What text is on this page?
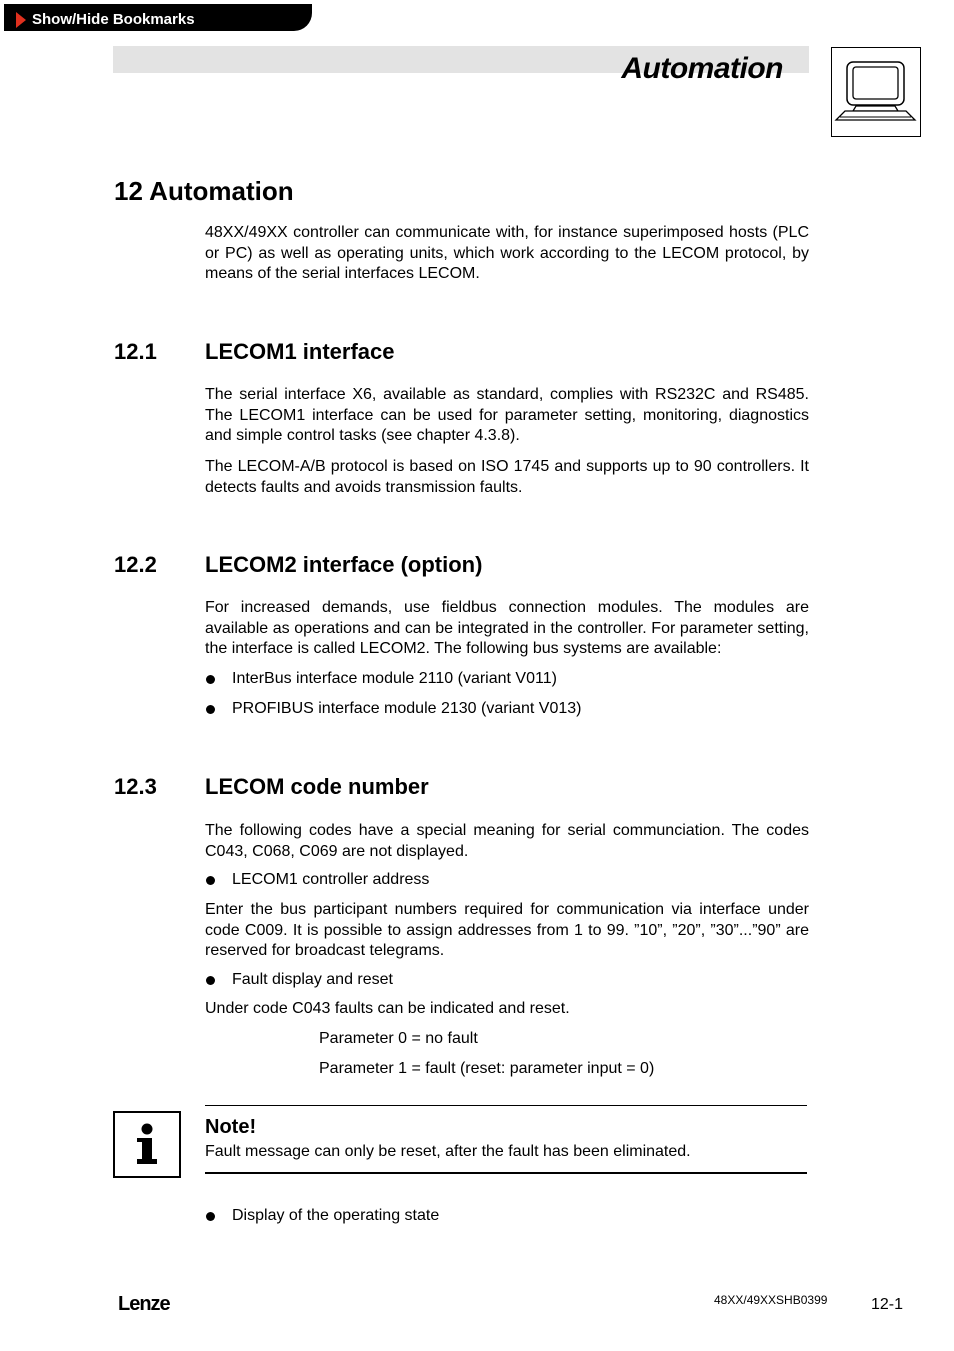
Show/Hide Bookmarks
Automation
12 Automation
48XX/49XX controller can communicate with, for instance superimposed hosts (PLC or PC) as well as operating units, which work according to the LECOM protocol, by means of the serial interfaces LECOM.
12.1 LECOM1 interface
The serial interface X6, available as standard, complies with RS232C and RS485. The LECOM1 interface can be used for parameter setting, monitoring, diagnostics and simple control tasks (see chapter 4.3.8).
The LECOM-A/B protocol is based on ISO 1745 and supports up to 90 controllers. It detects faults and avoids transmission faults.
12.2 LECOM2 interface (option)
For increased demands, use fieldbus connection modules. The modules are available as operations and can be integrated in the controller. For parameter setting, the interface is called LECOM2. The following bus systems are available:
InterBus interface module 2110 (variant V011)
PROFIBUS interface module 2130 (variant V013)
12.3 LECOM code number
The following codes have a special meaning for serial communciation. The codes C043, C068, C069 are not displayed.
LECOM1 controller address
Enter the bus participant numbers required for communication via interface under code C009. It is possible to assign addresses from 1 to 99. ”10”, ”20”, ”30”...”90” are reserved for broadcast telegrams.
Fault display and reset
Under code C043 faults can be indicated and reset.
Parameter 0 = no fault
Parameter 1 = fault (reset: parameter input = 0)
Note!
Fault message can only be reset, after the fault has been eliminated.
Display of the operating state
Lenze	48XX/49XXSHB0399	12-1
